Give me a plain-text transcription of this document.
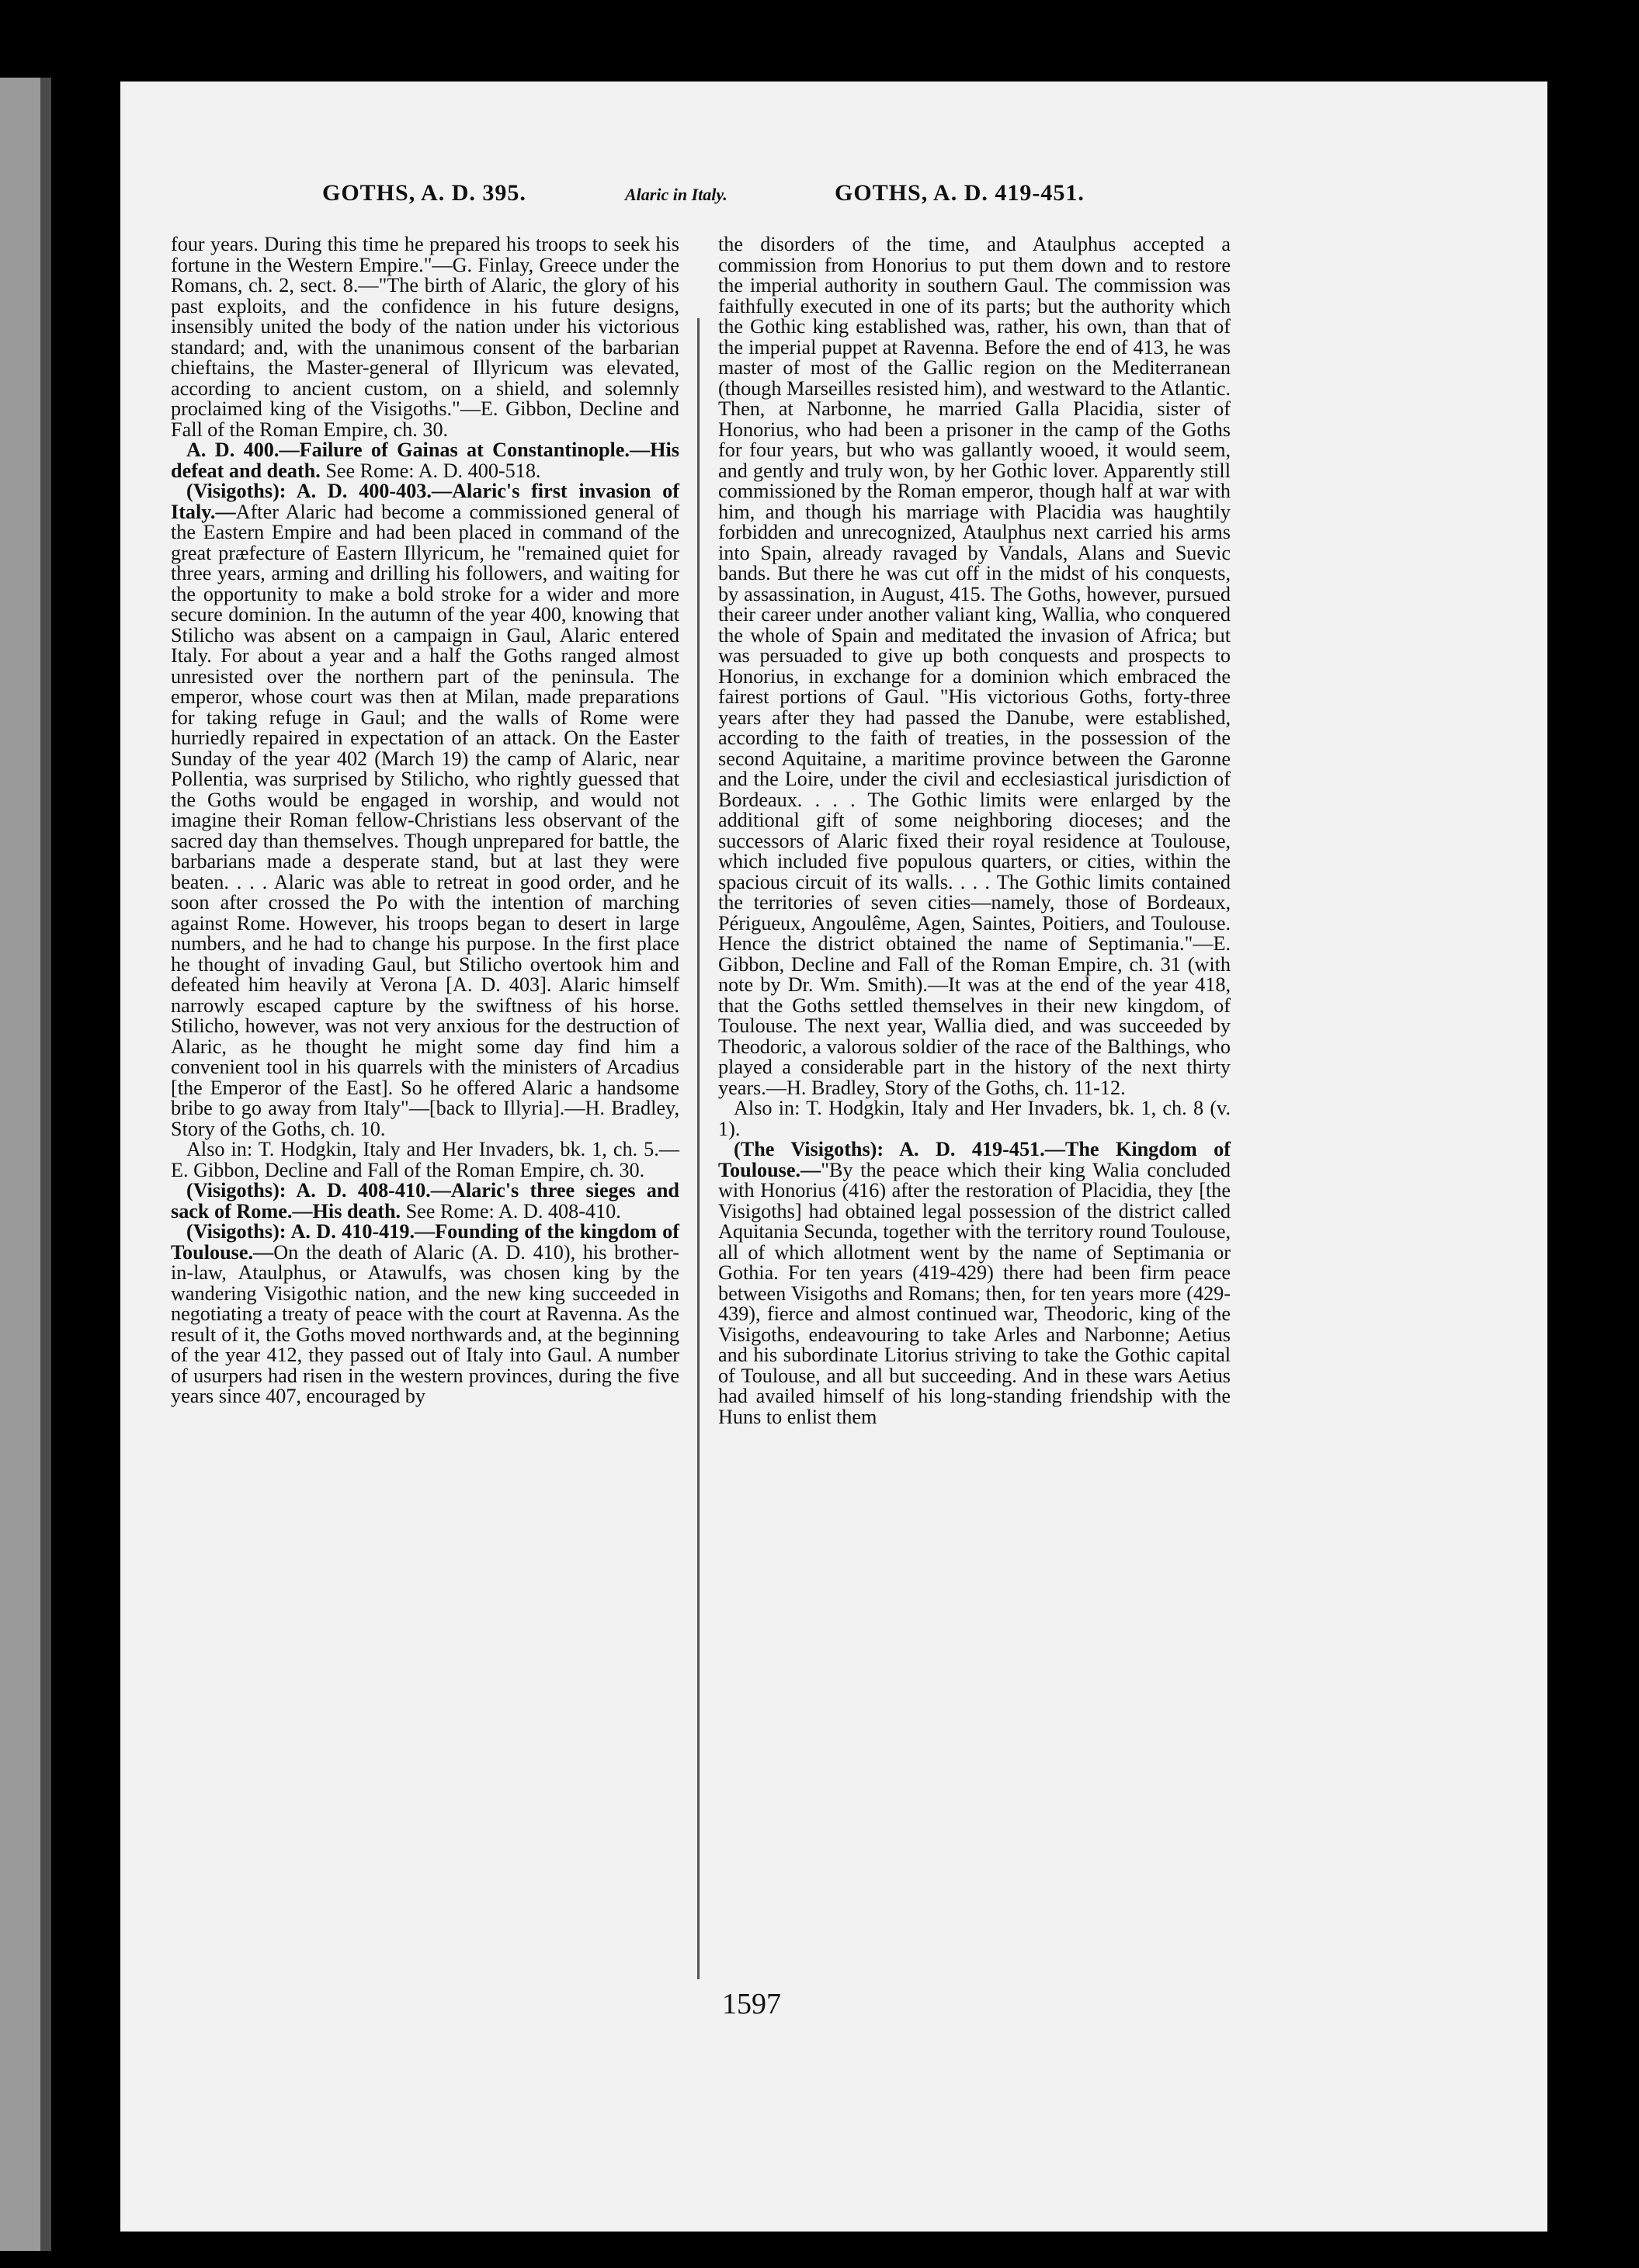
GOTHS, A. D. 395.	Alaric in Italy.	GOTHS, A. D. 419-451.

four years. During this time he prepared his troops to seek his fortune in the Western Empire."—G. Finlay, Greece under the Romans, ch. 2, sect. 8.—"The birth of Alaric, the glory of his past exploits, and the confidence in his future designs, insensibly united the body of the nation under his victorious standard; and, with the unanimous consent of the barbarian chieftains, the Master-general of Illyricum was elevated, according to ancient custom, on a shield, and solemnly proclaimed king of the Visigoths."—E. Gibbon, Decline and Fall of the Roman Empire, ch. 30.

A. D. 400.—Failure of Gainas at Constantinople.—His defeat and death. See Rome: A. D. 400-518.

(Visigoths): A. D. 400-403.—Alaric's first invasion of Italy.—After Alaric had become a commissioned general of the Eastern Empire and had been placed in command of the great præfecture of Eastern Illyricum, he "remained quiet for three years, arming and drilling his followers, and waiting for the opportunity to make a bold stroke for a wider and more secure dominion. In the autumn of the year 400, knowing that Stilicho was absent on a campaign in Gaul, Alaric entered Italy. For about a year and a half the Goths ranged almost unresisted over the northern part of the peninsula. The emperor, whose court was then at Milan, made preparations for taking refuge in Gaul; and the walls of Rome were hurriedly repaired in expectation of an attack. On the Easter Sunday of the year 402 (March 19) the camp of Alaric, near Pollentia, was surprised by Stilicho, who rightly guessed that the Goths would be engaged in worship, and would not imagine their Roman fellow-Christians less observant of the sacred day than themselves. Though unprepared for battle, the barbarians made a desperate stand, but at last they were beaten. . . . Alaric was able to retreat in good order, and he soon after crossed the Po with the intention of marching against Rome. However, his troops began to desert in large numbers, and he had to change his purpose. In the first place he thought of invading Gaul, but Stilicho overtook him and defeated him heavily at Verona [A. D. 403]. Alaric himself narrowly escaped capture by the swiftness of his horse. Stilicho, however, was not very anxious for the destruction of Alaric, as he thought he might some day find him a convenient tool in his quarrels with the ministers of Arcadius [the Emperor of the East]. So he offered Alaric a handsome bribe to go away from Italy"—[back to Illyria].—H. Bradley, Story of the Goths, ch. 10.

Also in: T. Hodgkin, Italy and Her Invaders, bk. 1, ch. 5.—E. Gibbon, Decline and Fall of the Roman Empire, ch. 30.

(Visigoths): A. D. 408-410.—Alaric's three sieges and sack of Rome.—His death. See Rome: A. D. 408-410.

(Visigoths): A. D. 410-419.—Founding of the kingdom of Toulouse.—On the death of Alaric (A. D. 410), his brother-in-law, Ataulphus, or Atawulfs, was chosen king by the wandering Visigothic nation, and the new king succeeded in negotiating a treaty of peace with the court at Ravenna. As the result of it, the Goths moved northwards and, at the beginning of the year 412, they passed out of Italy into Gaul. A number of usurpers had risen in the western provinces, during the five years since 407, encouraged by

the disorders of the time, and Ataulphus accepted a commission from Honorius to put them down and to restore the imperial authority in southern Gaul. The commission was faithfully executed in one of its parts; but the authority which the Gothic king established was, rather, his own, than that of the imperial puppet at Ravenna. Before the end of 413, he was master of most of the Gallic region on the Mediterranean (though Marseilles resisted him), and westward to the Atlantic. Then, at Narbonne, he married Galla Placidia, sister of Honorius, who had been a prisoner in the camp of the Goths for four years, but who was gallantly wooed, it would seem, and gently and truly won, by her Gothic lover. Apparently still commissioned by the Roman emperor, though half at war with him, and though his marriage with Placidia was haughtily forbidden and unrecognized, Ataulphus next carried his arms into Spain, already ravaged by Vandals, Alans and Suevic bands. But there he was cut off in the midst of his conquests, by assassination, in August, 415. The Goths, however, pursued their career under another valiant king, Wallia, who conquered the whole of Spain and meditated the invasion of Africa; but was persuaded to give up both conquests and prospects to Honorius, in exchange for a dominion which embraced the fairest portions of Gaul. "His victorious Goths, forty-three years after they had passed the Danube, were established, according to the faith of treaties, in the possession of the second Aquitaine, a maritime province between the Garonne and the Loire, under the civil and ecclesiastical jurisdiction of Bordeaux. . . . The Gothic limits were enlarged by the additional gift of some neighboring dioceses; and the successors of Alaric fixed their royal residence at Toulouse, which included five populous quarters, or cities, within the spacious circuit of its walls. . . . The Gothic limits contained the territories of seven cities—namely, those of Bordeaux, Périgueux, Angoulême, Agen, Saintes, Poitiers, and Toulouse. Hence the district obtained the name of Septimania."—E. Gibbon, Decline and Fall of the Roman Empire, ch. 31 (with note by Dr. Wm. Smith).—It was at the end of the year 418, that the Goths settled themselves in their new kingdom, of Toulouse. The next year, Wallia died, and was succeeded by Theodoric, a valorous soldier of the race of the Balthings, who played a considerable part in the history of the next thirty years.—H. Bradley, Story of the Goths, ch. 11-12.

Also in: T. Hodgkin, Italy and Her Invaders, bk. 1, ch. 8 (v. 1).

(The Visigoths): A. D. 419-451.—The Kingdom of Toulouse.—"By the peace which their king Walia concluded with Honorius (416) after the restoration of Placidia, they [the Visigoths] had obtained legal possession of the district called Aquitania Secunda, together with the territory round Toulouse, all of which allotment went by the name of Septimania or Gothia. For ten years (419-429) there had been firm peace between Visigoths and Romans; then, for ten years more (429-439), fierce and almost continued war, Theodoric, king of the Visigoths, endeavouring to take Arles and Narbonne; Aetius and his subordinate Litorius striving to take the Gothic capital of Toulouse, and all but succeeding. And in these wars Aetius had availed himself of his long-standing friendship with the Huns to enlist them

1597
